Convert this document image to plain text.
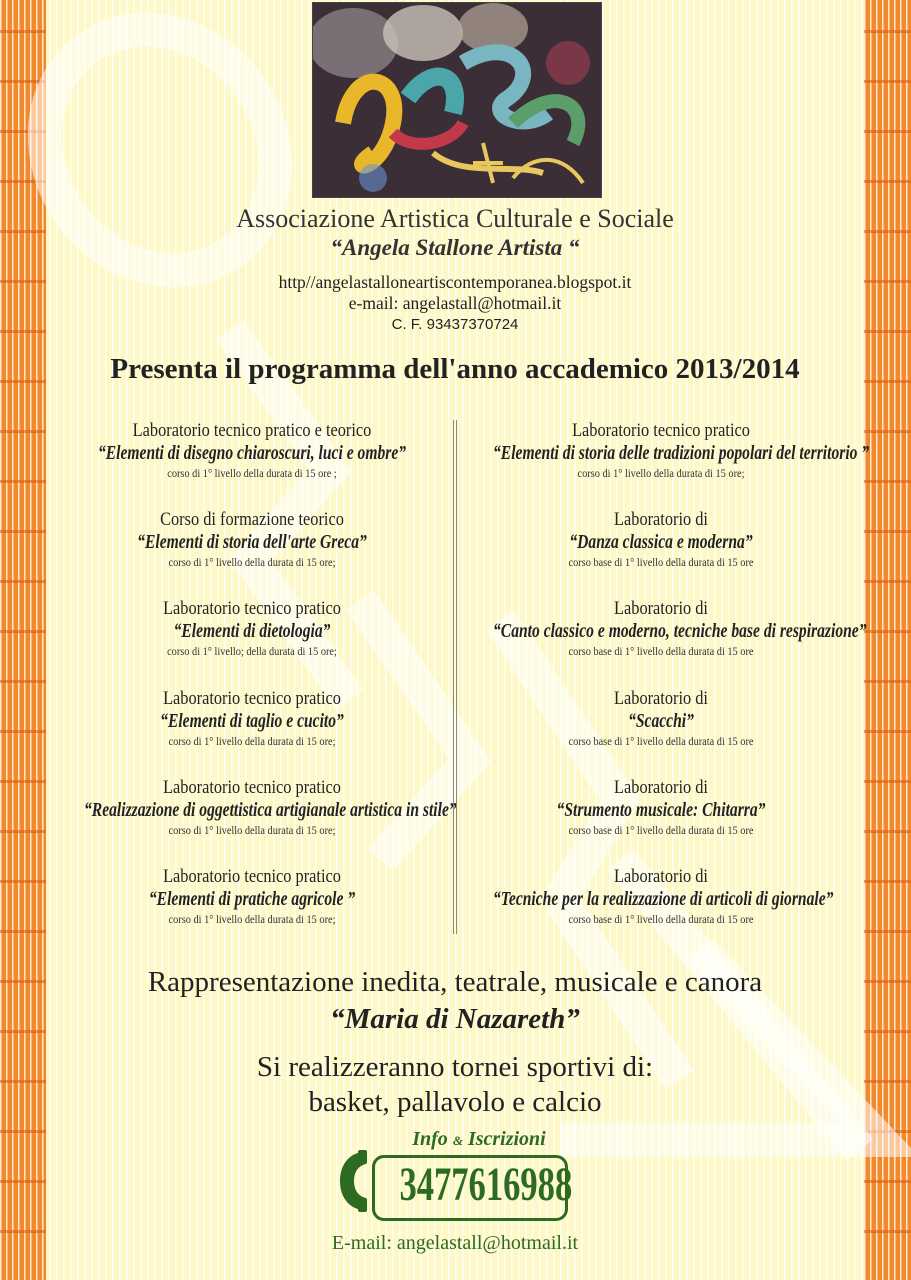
Associazione Artistica Culturale e Sociale
“Angela Stallone Artista “
http//angelastalloneartiscontemporanea.blogspot.it
e-mail: angelastall@hotmail.it
C. F. 93437370724
Presenta il programma dell'anno accademico 2013/2014
Laboratorio tecnico pratico e teorico
“Elementi di disegno chiaroscuri, luci e ombre”
corso di 1° livello della durata di 15 ore ;
Corso di formazione teorico
“Elementi di storia dell'arte Greca”
corso di 1° livello della durata di 15 ore;
Laboratorio tecnico pratico
“Elementi di dietologia”
corso di 1° livello; della durata di 15 ore;
Laboratorio tecnico pratico
“Elementi di taglio e cucito”
corso di 1° livello della durata di 15 ore;
Laboratorio tecnico pratico
“Realizzazione di oggettistica artigianale artistica in stile”
corso di 1° livello della durata di 15 ore;
Laboratorio tecnico pratico
“Elementi di pratiche agricole ”
corso di 1° livello della durata di 15 ore;
Laboratorio tecnico pratico
“Elementi di storia delle tradizioni popolari del territorio ”
corso di 1° livello della durata di 15 ore;
Laboratorio di
“Danza classica e moderna”
corso base di 1° livello della durata di 15 ore
Laboratorio di
“Canto classico e moderno, tecniche base di respirazione”
corso base di 1° livello della durata di 15 ore
Laboratorio di
“Scacchi”
corso base di 1° livello della durata di 15 ore
Laboratorio di
“Strumento musicale: Chitarra”
corso base di 1° livello della durata di 15 ore
Laboratorio di
“Tecniche per la realizzazione di articoli di giornale”
corso base di 1° livello della durata di 15 ore
Rappresentazione inedita, teatrale, musicale e canora
“Maria di Nazareth”
Si realizzeranno tornei sportivi di:
basket, pallavolo e calcio
Info & Iscrizioni
3477616988
E-mail: angelastall@hotmail.it
